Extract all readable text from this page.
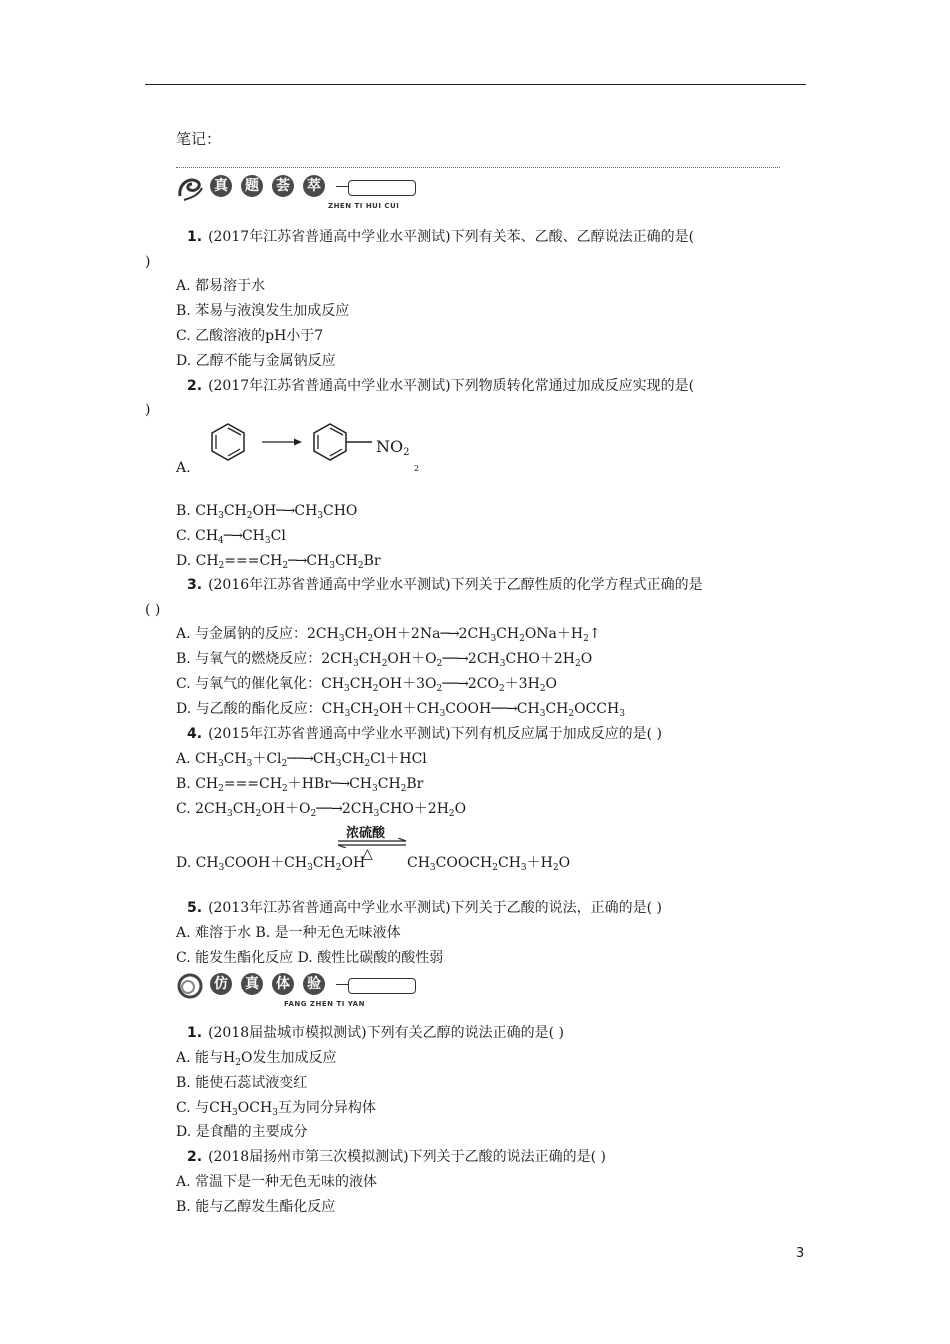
笔记：
真 题 荟 萃
ZHEN TI HUI CUI
1. (2017年江苏省普通高中学业水平测试)下列有关苯、乙酸、乙醇说法正确的是(
)
A. 都易溶于水
B. 苯易与液溴发生加成反应
C. 乙酸溶液的pH小于7
D. 乙醇不能与金属钠反应
2. (2017年江苏省普通高中学业水平测试)下列物质转化常通过加成反应实现的是(
)
A.
$NO_2$
2
B. $CH_3CH_2OH─\to CH_3CHO$
C. $CH_4─\to CH_3Cl$
D. $CH_2===CH_2─\to CH_3CH_2Br$
3. (2016年江苏省普通高中学业水平测试)下列关于乙醇性质的化学方程式正确的是
( )
A. 与金属钠的反应：$2CH_3CH_2OH+2Na─\to 2CH_3CH_2ONa+H_2↑$
B. 与氧气的燃烧反应：$2CH_3CH_2OH+O_2──\to 2CH_3CHO+2H_2O$
C. 与氧气的催化氧化：$CH_3CH_2OH+3O_2──\to 2CO_2+3H_2O$
D. 与乙酸的酯化反应：$CH_3CH_2OH+CH_3COOH──\to CH_3CH_2OCCH_3$
4. (2015年江苏省普通高中学业水平测试)下列有机反应属于加成反应的是( )
A. $CH_3CH_3+Cl_2──\to CH_3CH_2Cl+HCl$
B. $CH_2===CH_2+HBr─\to CH_3CH_2Br$
C. $2CH_3CH_2OH+O_2──\to 2CH_3CHO+2H_2O$
浓硫酸
△
D. $CH_3COOH+CH_3CH_2OH$	$CH_3COOCH_2CH_3+H_2O$
5. (2013年江苏省普通高中学业水平测试)下列关于乙酸的说法，正确的是( )
A. 难溶于水 B. 是一种无色无味液体
C. 能发生酯化反应 D. 酸性比碳酸的酸性弱
仿 真 体 验
FANG ZHEN TI YAN
1. (2018届盐城市模拟测试)下列有关乙醇的说法正确的是( )
A. 能与$H_2O$发生加成反应
B. 能使石蕊试液变红
C. 与$CH_3OCH_3$互为同分异构体
D. 是食醋的主要成分
2. (2018届扬州市第三次模拟测试)下列关于乙酸的说法正确的是( )
A. 常温下是一种无色无味的液体
B. 能与乙醇发生酯化反应
3
